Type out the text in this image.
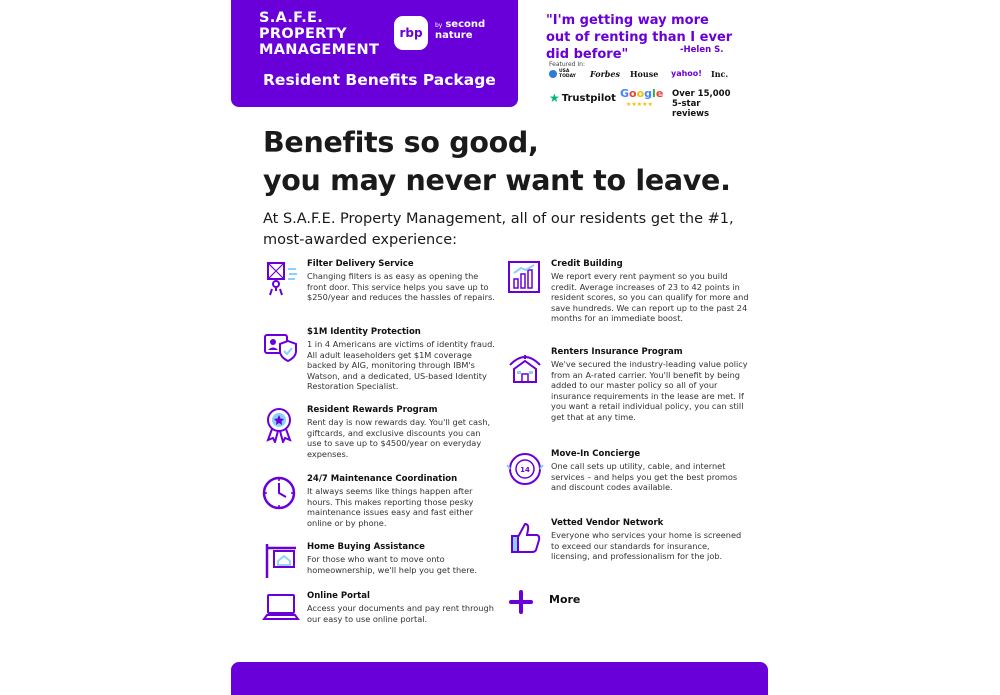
S.A.F.E. PROPERTY MANAGEMENT
rbp
by second nature
Resident Benefits Package
"I'm getting way more out of renting than I ever did before"	-Helen S.
Featured In:
USA TODAY Forbes House yahoo! Inc.
★ Trustpilot Google
★★★★★
Over 15,000 5-star reviews
Benefits so good,
you may never want to leave.
At S.A.F.E. Property Management, all of our residents get the #1, most-awarded experience:
Filter Delivery Service
Changing filters is as easy as opening the front door. This service helps you save up to $250/year and reduces the hassles of repairs.
$1M Identity Protection
1 in 4 Americans are victims of identity fraud. All adult leaseholders get $1M coverage backed by AIG, monitoring through IBM's Watson, and a dedicated, US-based Identity Restoration Specialist.
Resident Rewards Program
Rent day is now rewards day. You'll get cash, giftcards, and exclusive discounts you can use to save up to $4500/year on everyday expenses.
24/7 Maintenance Coordination
It always seems like things happen after hours. This makes reporting those pesky maintenance issues easy and fast either online or by phone.
Home Buying Assistance
For those who want to move onto homeownership, we'll help you get there.
Online Portal
Access your documents and pay rent through our easy to use online portal.
Credit Building
We report every rent payment so you build credit. Average increases of 23 to 42 points in resident scores, so you can qualify for more and save hundreds. We can report up to the past 24 months for an immediate boost.
Renters Insurance Program
We've secured the industry-leading value policy from an A-rated carrier. You'll benefit by being added to our master policy so all of your insurance requirements in the lease are met. If you want a retail individual policy, you can still get that at any time.
14
Move-In Concierge
One call sets up utility, cable, and internet services – and helps you get the best promos and discount codes available.
Vetted Vendor Network
Everyone who services your home is screened to exceed our standards for insurance, licensing, and professionalism for the job.
More
